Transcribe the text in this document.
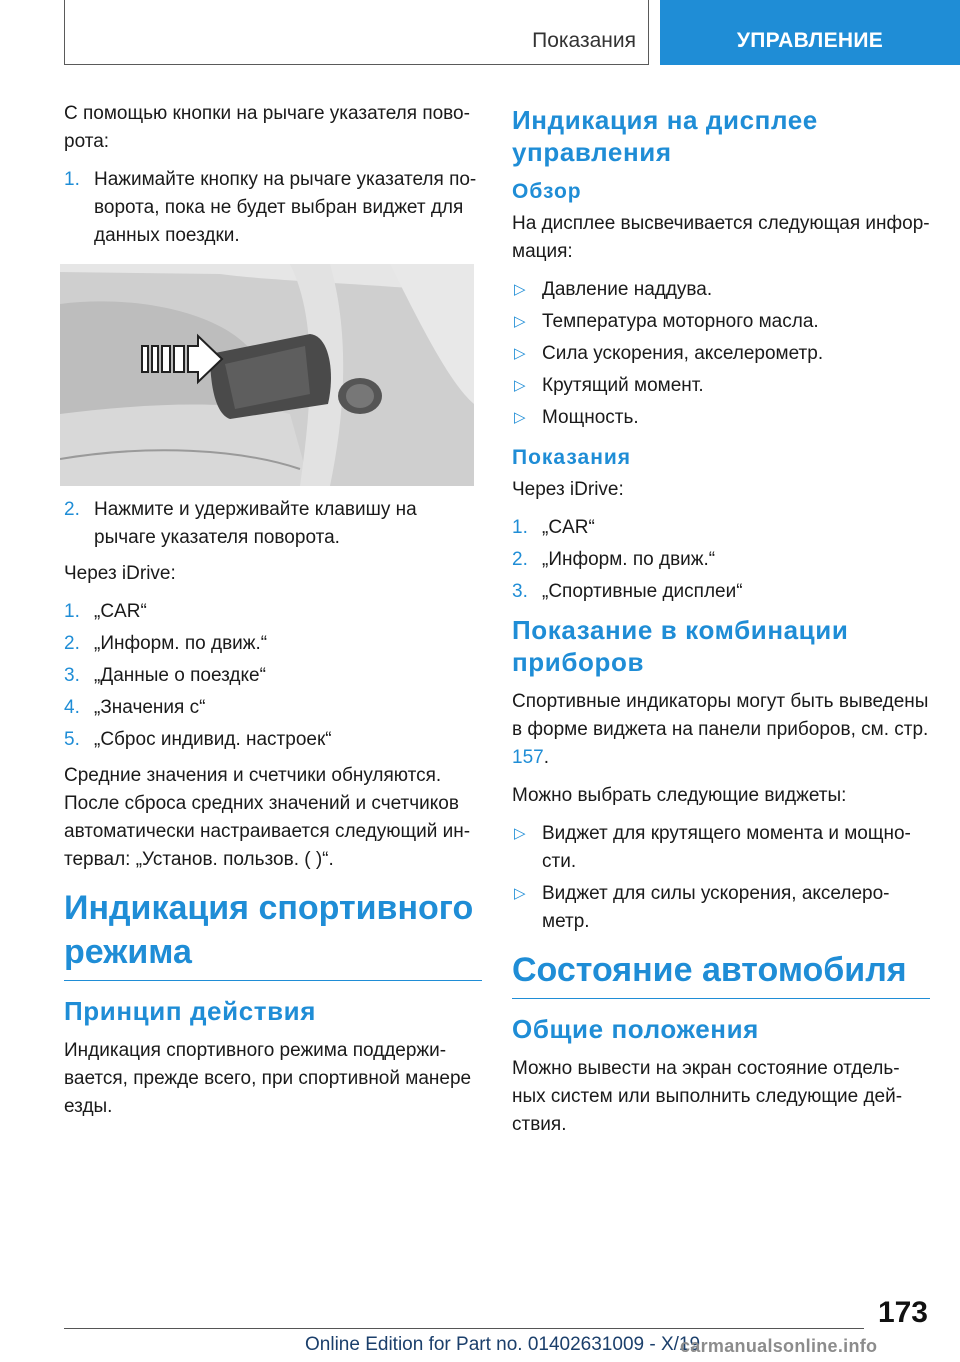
Показания	УПРАВЛЕНИЕ

С помощью кнопки на рычаге указателя пово- рота:

1. Нажимайте кнопку на рычаге указателя по- ворота, пока не будет выбран виджет для данных поездки.
2. Нажмите и удерживайте клавишу на рычаге указателя поворота.

Через iDrive:

1. „CAR“
2. „Информ. по движ.“
3. „Данные о поездке“
4. „Значения с“
5. „Сброс индивид. настроек“

Средние значения и счетчики обнуляются. После сброса средних значений и счетчиков автоматически настраивается следующий ин- тервал: „Установ. пользов. ( )“.

Индикация спортивного режима
Принцип действия

Индикация спортивного режима поддержи- вается, прежде всего, при спортивной манере езды.

Индикация на дисплее управления
Обзор

На дисплее высвечивается следующая инфор- мация:

▷ Давление наддува.
▷ Температура моторного масла.
▷ Сила ускорения, акселерометр.
▷ Крутящий момент.
▷ Мощность.
Показания

Через iDrive:

1. „CAR“
2. „Информ. по движ.“
3. „Спортивные дисплеи“
Показание в комбинации приборов

Спортивные индикаторы могут быть выведены в форме виджета на панели приборов, см. стр. 157.

Можно выбрать следующие виджеты:

▷ Виджет для крутящего момента и мощно- сти.
▷ Виджет для силы ускорения, акселеро- метр.
Состояние автомобиля
Общие положения

Можно вывести на экран состояние отдель- ных систем или выполнить следующие дей- ствия.

173
Online Edition for Part no. 01402631009 - X/19
carmanualsonline.info
